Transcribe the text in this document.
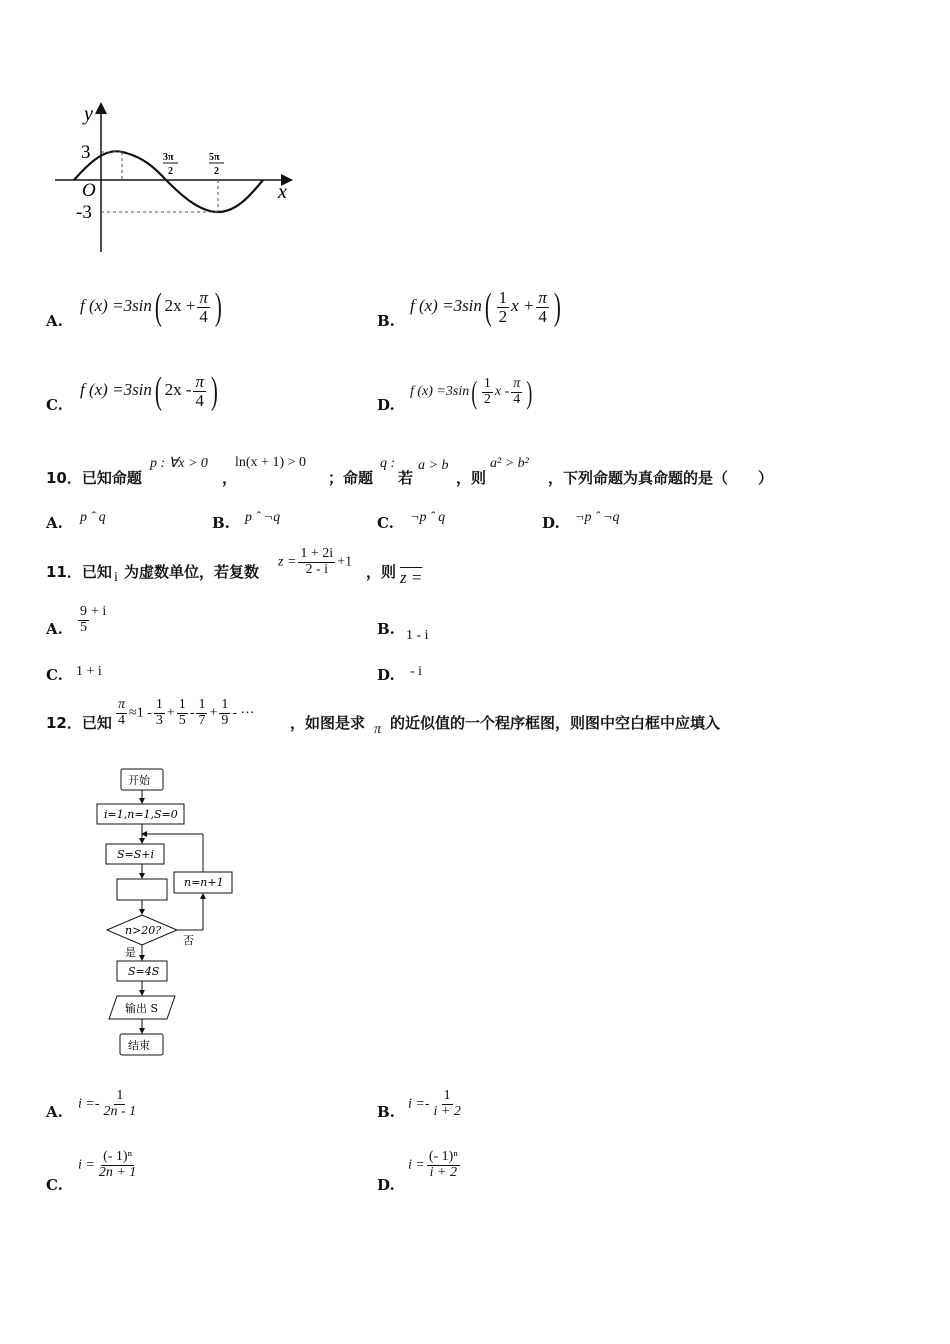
y
x
O
3
-3
3π
2
5π
2
A.
f (x) =3sin( $2x + \frac{\pi}{4}$ )	B.
f $(x) =3\sin( \frac{1}{2}$ $x + \frac{\pi}{4}$ )
C.
f (x) =3sin( $2x - \frac{\pi}{4}$ )	D.
f $(x) =3\sin( \frac{1}{2}$ x - $\frac{\pi}{4}$ )
10．已知命题
p : ∀x > 0
，
ln(x + 1) > 0
；命题
q :
若
a > b
，则
a² > b²
，下列命题为真命题的是（　　）
A. p ˆ q	B. p ˆ ¬q	C. ¬p ˆ q	D. ¬p ˆ ¬q
11．已知 i 为虚数单位，若复数
$z = \frac{1 + 2i}{2 - i} +1$
，则 z =
A. $\frac{9}{5} + i$
B. 1 - i
C. 1 + i	D. - i
12．已知 $\frac{\pi}{4} \approx 1 - \frac{1}{3} + \frac{1}{5} - \frac{1}{7} + \frac{1}{9}$ - ⋯
，如图是求 π 的近似值的一个程序框图，则图中空白框中应填入
开始
i=1,n=1,S=0
S=S+i
n=n+1
n>20?
否
是
S=4S
输出 S
结束
A. $i =- \frac{1}{2n - 1}$	B. $i =- \frac{1}{i + 2}$
C.
$i = \frac{\text{(- 1)ⁿ}}{2n + 1}$
D.
$i = \frac{\text{(- 1)ⁿ}}{i + 2}$
